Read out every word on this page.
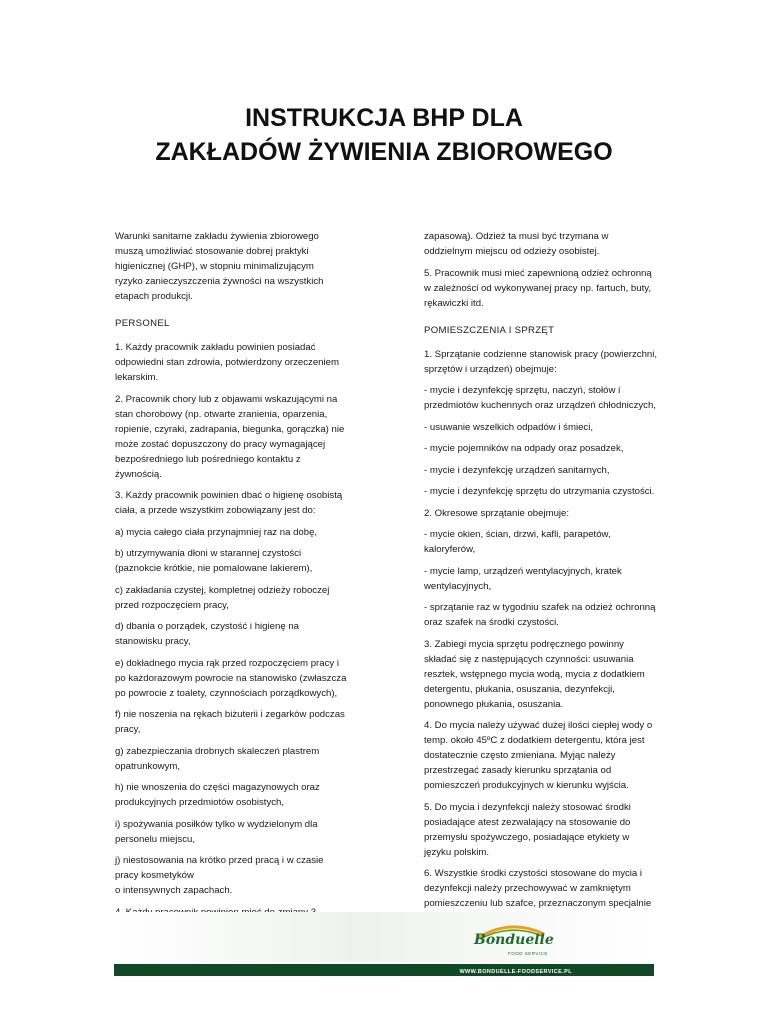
INSTRUKCJA BHP DLA
ZAKŁADÓW ŻYWIENIA ZBIOROWEGO

Warunki sanitarne zakładu żywienia zbiorowego
muszą umożliwiać stosowanie dobrej praktyki
higienicznej (GHP), w stopniu minimalizującym
ryzyko zanieczyszczenia żywności na wszystkich
etapach produkcji.

PERSONEL

1. Każdy pracownik zakładu powinien posiadać
odpowiedni stan zdrowia, potwierdzony orzeczeniem
lekarskim.

2. Pracownik chory lub z objawami wskazującymi na
stan chorobowy (np. otwarte zranienia, oparzenia,
ropienie, czyraki, zadrapania, biegunka, gorączka) nie
może zostać dopuszczony do pracy wymagającej
bezpośredniego lub pośredniego kontaktu z
żywnością.

3. Każdy pracownik powinien dbać o higienę osobistą
ciała, a przede wszystkim zobowiązany jest do:

a) mycia całego ciała przynajmniej raz na dobę,

b) utrzymywania dłoni w starannej czystości
(paznokcie krótkie, nie pomalowane lakierem),

c) zakładania czystej, kompletnej odzieży roboczej
przed rozpoczęciem pracy,

d) dbania o porządek, czystość i higienę na
stanowisku pracy,

e) dokładnego mycia rąk przed rozpoczęciem pracy i
po każdorazowym powrocie na stanowisko (zwłaszcza
po powrocie z toalety, czynnościach porządkowych),

f) nie noszenia na rękach biżuterii i zegarków podczas
pracy,

g) zabezpieczania drobnych skaleczeń plastrem
opatrunkowym,

h) nie wnoszenia do części magazynowych oraz
produkcyjnych przedmiotów osobistych,

i) spożywania posiłków tylko w wydzielonym dla
personelu miejscu,

j) niestosowania na krótko przed pracą i w czasie
pracy kosmetyków
o intensywnych zapachach.

zapasową). Odzież ta musi być trzymana w
oddzielnym miejscu od odzieży osobistej.

5. Pracownik musi mieć zapewnioną odzież ochronną
w zależności od wykonywanej pracy np. fartuch, buty,
rękawiczki itd.

POMIESZCZENIA I SPRZĘT

1. Sprzątanie codzienne stanowisk pracy (powierzchni,
sprzętów i urządzeń) obejmuje:

- mycie i dezynfekcję sprzętu, naczyń, stołów i
przedmiotów kuchennych oraz urządzeń chłodniczych,

- usuwanie wszelkich odpadów i śmieci,

- mycie pojemników na odpady oraz posadzek,

- mycie i dezynfekcję urządzeń sanitarnych,

- mycie i dezynfekcję sprzętu do utrzymania czystości.

2. Okresowe sprzątanie obejmuje:

- mycie okien, ścian, drzwi, kafli, parapetów,
kaloryferów,

- mycie lamp, urządzeń wentylacyjnych, kratek
wentylacyjnych,

- sprzątanie raz w tygodniu szafek na odzież ochronną
oraz szafek na środki czystości.

3. Zabiegi mycia sprzętu podręcznego powinny
składać się z następujących czynności: usuwania
resztek, wstępnego mycia wodą, mycia z dodatkiem
detergentu, płukania, osuszania, dezynfekcji,
ponownego płukania, osuszania.

4. Do mycia należy używać dużej ilości ciepłej wody o
temp. około 45ºC z dodatkiem detergentu, która jest
dostatecznie często zmieniana. Myjąc należy
przestrzegać zasady kierunku sprzątania od
pomieszczeń produkcyjnych w kierunku wyjścia.

5. Do mycia i dezynfekcji należy stosować środki
posiadające atest zezwalający na stosowanie do
przemysłu spożywczego, posiadające etykiety w
języku polskim.

6. Wszystkie środki czystości stosowane do mycia i
dezynfekcji należy przechowywać w zamkniętym
pomieszczeniu lub szafce, przeznaczonym specjalnie

Bonduelle
FOOD SERVICE
WWW.BONDUELLE-FOODSERVICE.PL
